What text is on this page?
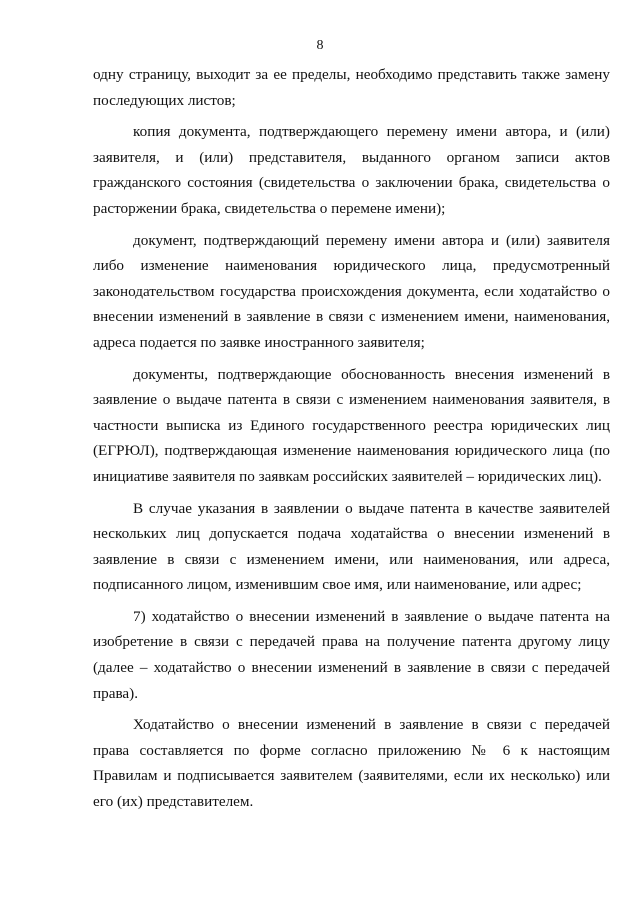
8

одну страницу, выходит за ее пределы, необходимо представить также замену последующих листов;

копия документа, подтверждающего перемену имени автора, и (или) заявителя, и (или) представителя, выданного органом записи актов гражданского состояния (свидетельства о заключении брака, свидетельства о расторжении брака, свидетельства о перемене имени);

документ, подтверждающий перемену имени автора и (или) заявителя либо изменение наименования юридического лица, предусмотренный законодательством государства происхождения документа, если ходатайство о внесении изменений в заявление в связи с изменением имени, наименования, адреса подается по заявке иностранного заявителя;

документы, подтверждающие обоснованность внесения изменений в заявление о выдаче патента в связи с изменением наименования заявителя, в частности выписка из Единого государственного реестра юридических лиц (ЕГРЮЛ), подтверждающая изменение наименования юридического лица (по инициативе заявителя по заявкам российских заявителей – юридических лиц).

В случае указания в заявлении о выдаче патента в качестве заявителей нескольких лиц допускается подача ходатайства о внесении изменений в заявление в связи с изменением имени, или наименования, или адреса, подписанного лицом, изменившим свое имя, или наименование, или адрес;

7) ходатайство о внесении изменений в заявление о выдаче патента на изобретение в связи с передачей права на получение патента другому лицу (далее – ходатайство о внесении изменений в заявление в связи с передачей права).

Ходатайство о внесении изменений в заявление в связи с передачей права составляется по форме согласно приложению № 6 к настоящим Правилам и подписывается заявителем (заявителями, если их несколько) или его (их) представителем.
